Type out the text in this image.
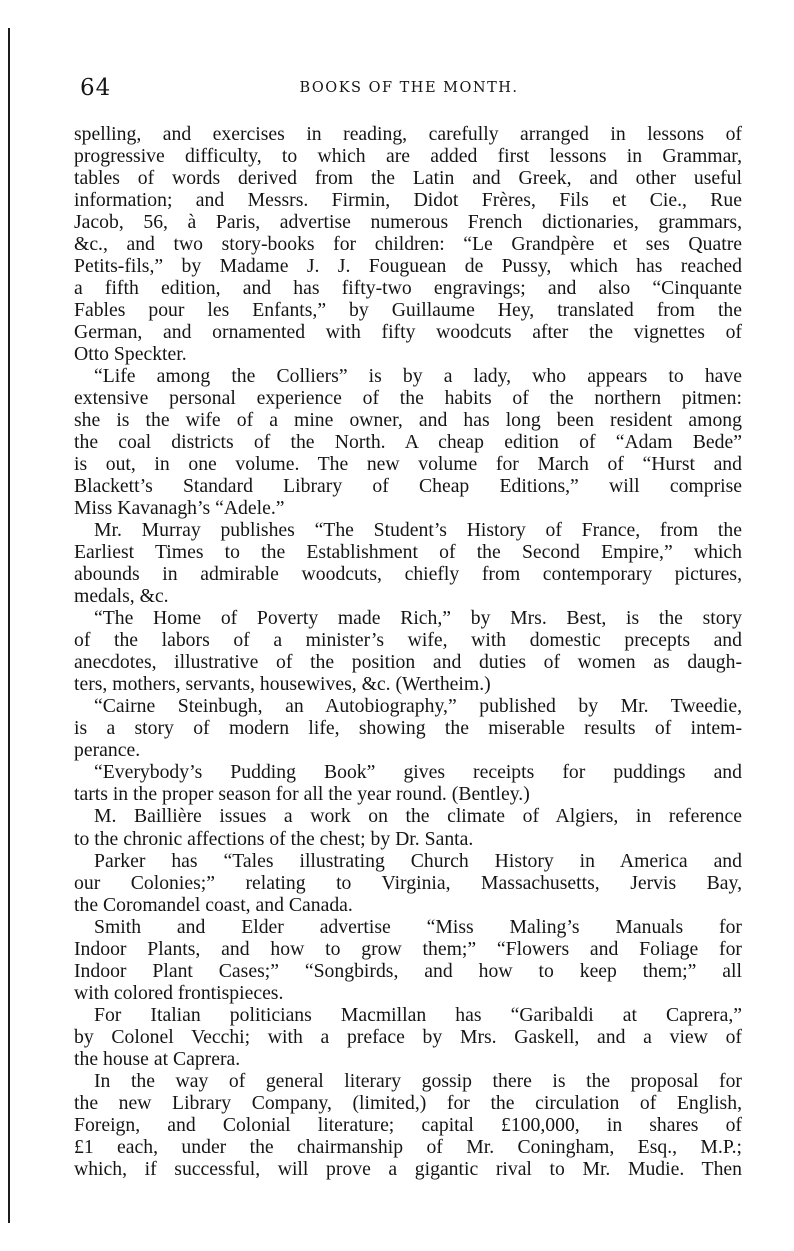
64	BOOKS OF THE MONTH.
spelling, and exercises in reading, carefully arranged in lessons of
progressive difficulty, to which are added first lessons in Grammar,
tables of words derived from the Latin and Greek, and other useful
information; and Messrs. Firmin, Didot Frères, Fils et Cie., Rue
Jacob, 56, à Paris, advertise numerous French dictionaries, grammars,
&c., and two story-books for children: “Le Grandpère et ses Quatre
Petits-fils,” by Madame J. J. Fouguean de Pussy, which has reached
a fifth edition, and has fifty-two engravings; and also “Cinquante
Fables pour les Enfants,” by Guillaume Hey, translated from the
German, and ornamented with fifty woodcuts after the vignettes of
Otto Speckter.
“Life among the Colliers” is by a lady, who appears to have
extensive personal experience of the habits of the northern pitmen:
she is the wife of a mine owner, and has long been resident among
the coal districts of the North. A cheap edition of “Adam Bede”
is out, in one volume. The new volume for March of “Hurst and
Blackett’s Standard Library of Cheap Editions,” will comprise
Miss Kavanagh’s “Adele.”
Mr. Murray publishes “The Student’s History of France, from the
Earliest Times to the Establishment of the Second Empire,” which
abounds in admirable woodcuts, chiefly from contemporary pictures,
medals, &c.
“The Home of Poverty made Rich,” by Mrs. Best, is the story
of the labors of a minister’s wife, with domestic precepts and
anecdotes, illustrative of the position and duties of women as daugh-
ters, mothers, servants, housewives, &c. (Wertheim.)
“Cairne Steinbugh, an Autobiography,” published by Mr. Tweedie,
is a story of modern life, showing the miserable results of intem-
perance.
“Everybody’s Pudding Book” gives receipts for puddings and
tarts in the proper season for all the year round. (Bentley.)
M. Baillière issues a work on the climate of Algiers, in reference
to the chronic affections of the chest; by Dr. Santa.
Parker has “Tales illustrating Church History in America and
our Colonies;” relating to Virginia, Massachusetts, Jervis Bay,
the Coromandel coast, and Canada.
Smith and Elder advertise “Miss Maling’s Manuals for
Indoor Plants, and how to grow them;” “Flowers and Foliage for
Indoor Plant Cases;” “Songbirds, and how to keep them;” all
with colored frontispieces.
For Italian politicians Macmillan has “Garibaldi at Caprera,”
by Colonel Vecchi; with a preface by Mrs. Gaskell, and a view of
the house at Caprera.
In the way of general literary gossip there is the proposal for
the new Library Company, (limited,) for the circulation of English,
Foreign, and Colonial literature; capital £100,000, in shares of
£1 each, under the chairmanship of Mr. Coningham, Esq., M.P.;
which, if successful, will prove a gigantic rival to Mr. Mudie. Then
